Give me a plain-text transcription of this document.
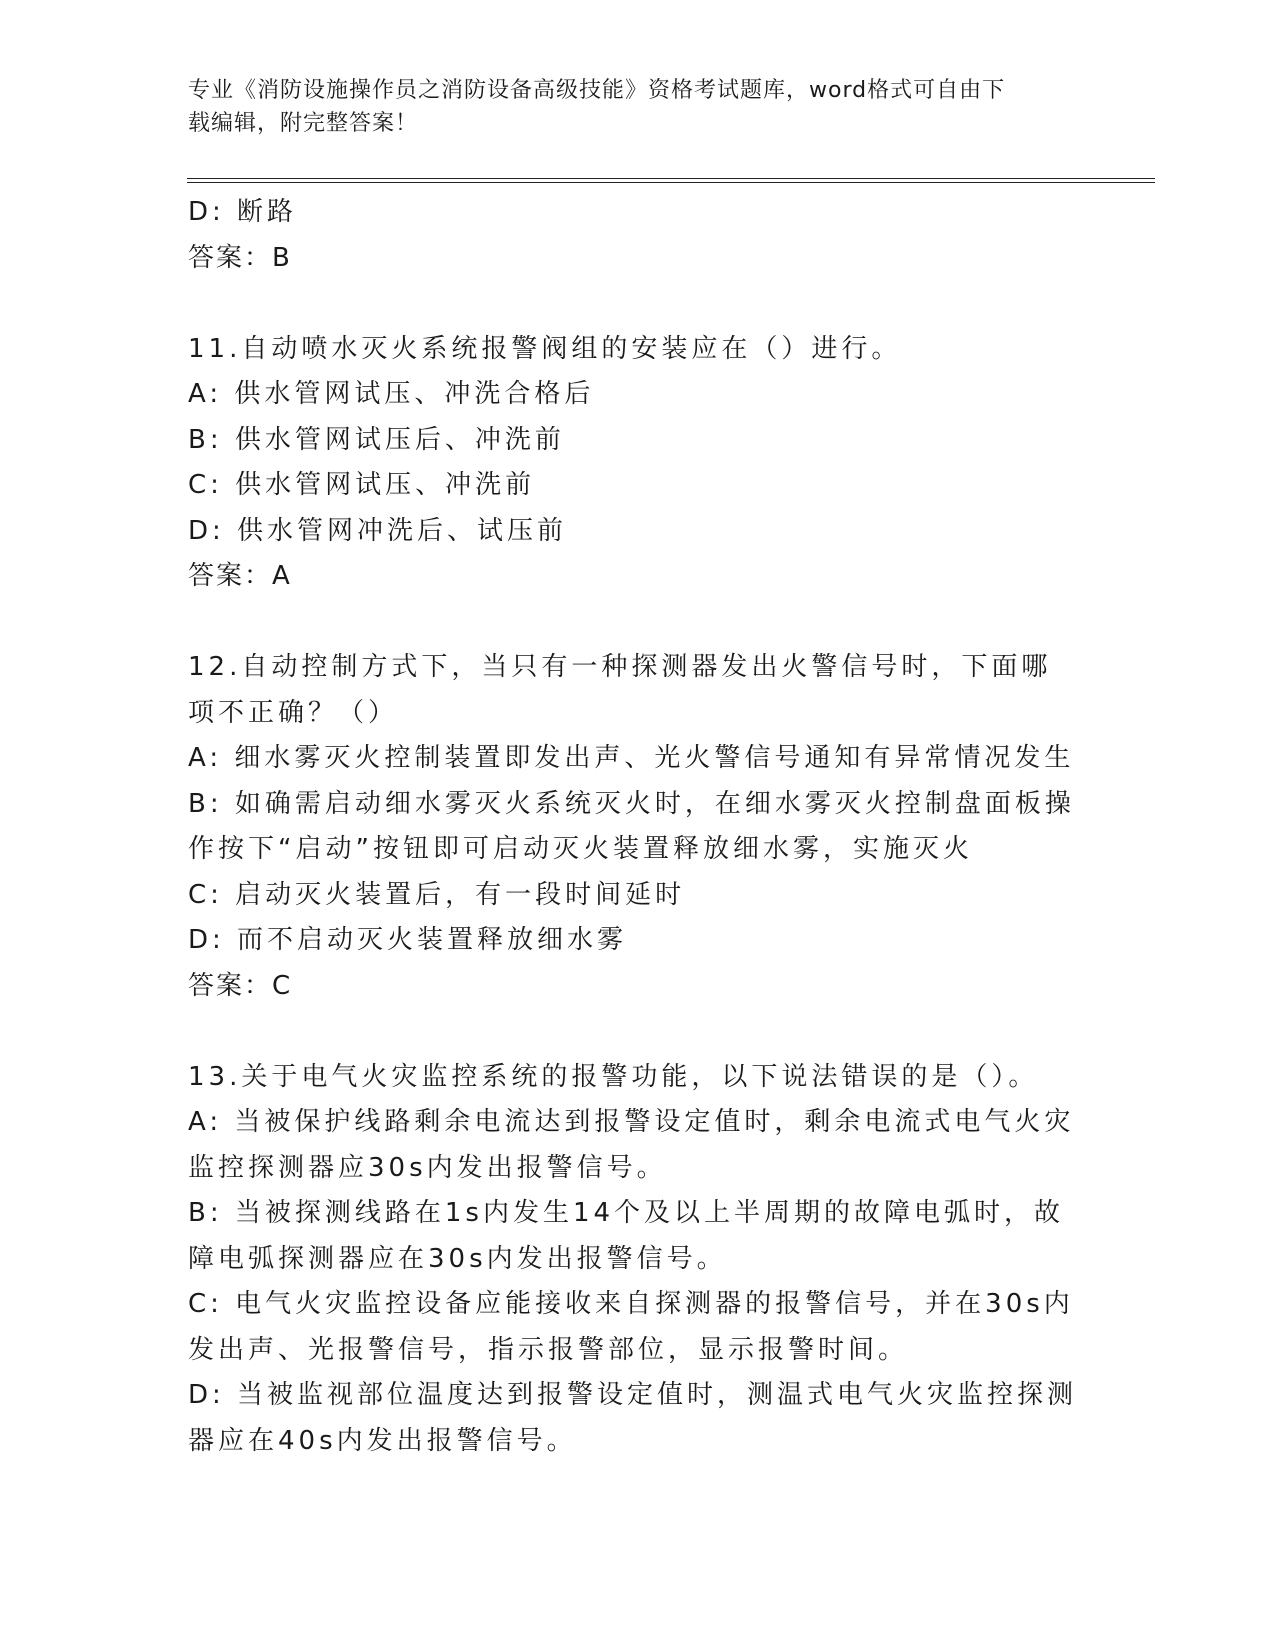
专业《消防设施操作员之消防设备高级技能》资格考试题库，word格式可自由下
载编辑，附完整答案！
D: 断路
答案：B
11.自动喷水灭火系统报警阀组的安装应在（）进行。
A: 供水管网试压、冲洗合格后
B: 供水管网试压后、冲洗前
C: 供水管网试压、冲洗前
D: 供水管网冲洗后、试压前
答案：A
12.自动控制方式下，当只有一种探测器发出火警信号时，下面哪项不正确？（）
A: 细水雾灭火控制装置即发出声、光火警信号通知有异常情况发生
B: 如确需启动细水雾灭火系统灭火时，在细水雾灭火控制盘面板操作按下“启动”按钮即可启动灭火装置释放细水雾，实施灭火
C: 启动灭火装置后，有一段时间延时
D: 而不启动灭火装置释放细水雾
答案：C
13.关于电气火灾监控系统的报警功能，以下说法错误的是（）。
A: 当被保护线路剩余电流达到报警设定值时，剩余电流式电气火灾监控探测器应30s内发出报警信号。
B: 当被探测线路在1s内发生14个及以上半周期的故障电弧时，故障电弧探测器应在30s内发出报警信号。
C: 电气火灾监控设备应能接收来自探测器的报警信号，并在30s内发出声、光报警信号，指示报警部位，显示报警时间。
D: 当被监视部位温度达到报警设定值时，测温式电气火灾监控探测器应在40s内发出报警信号。
